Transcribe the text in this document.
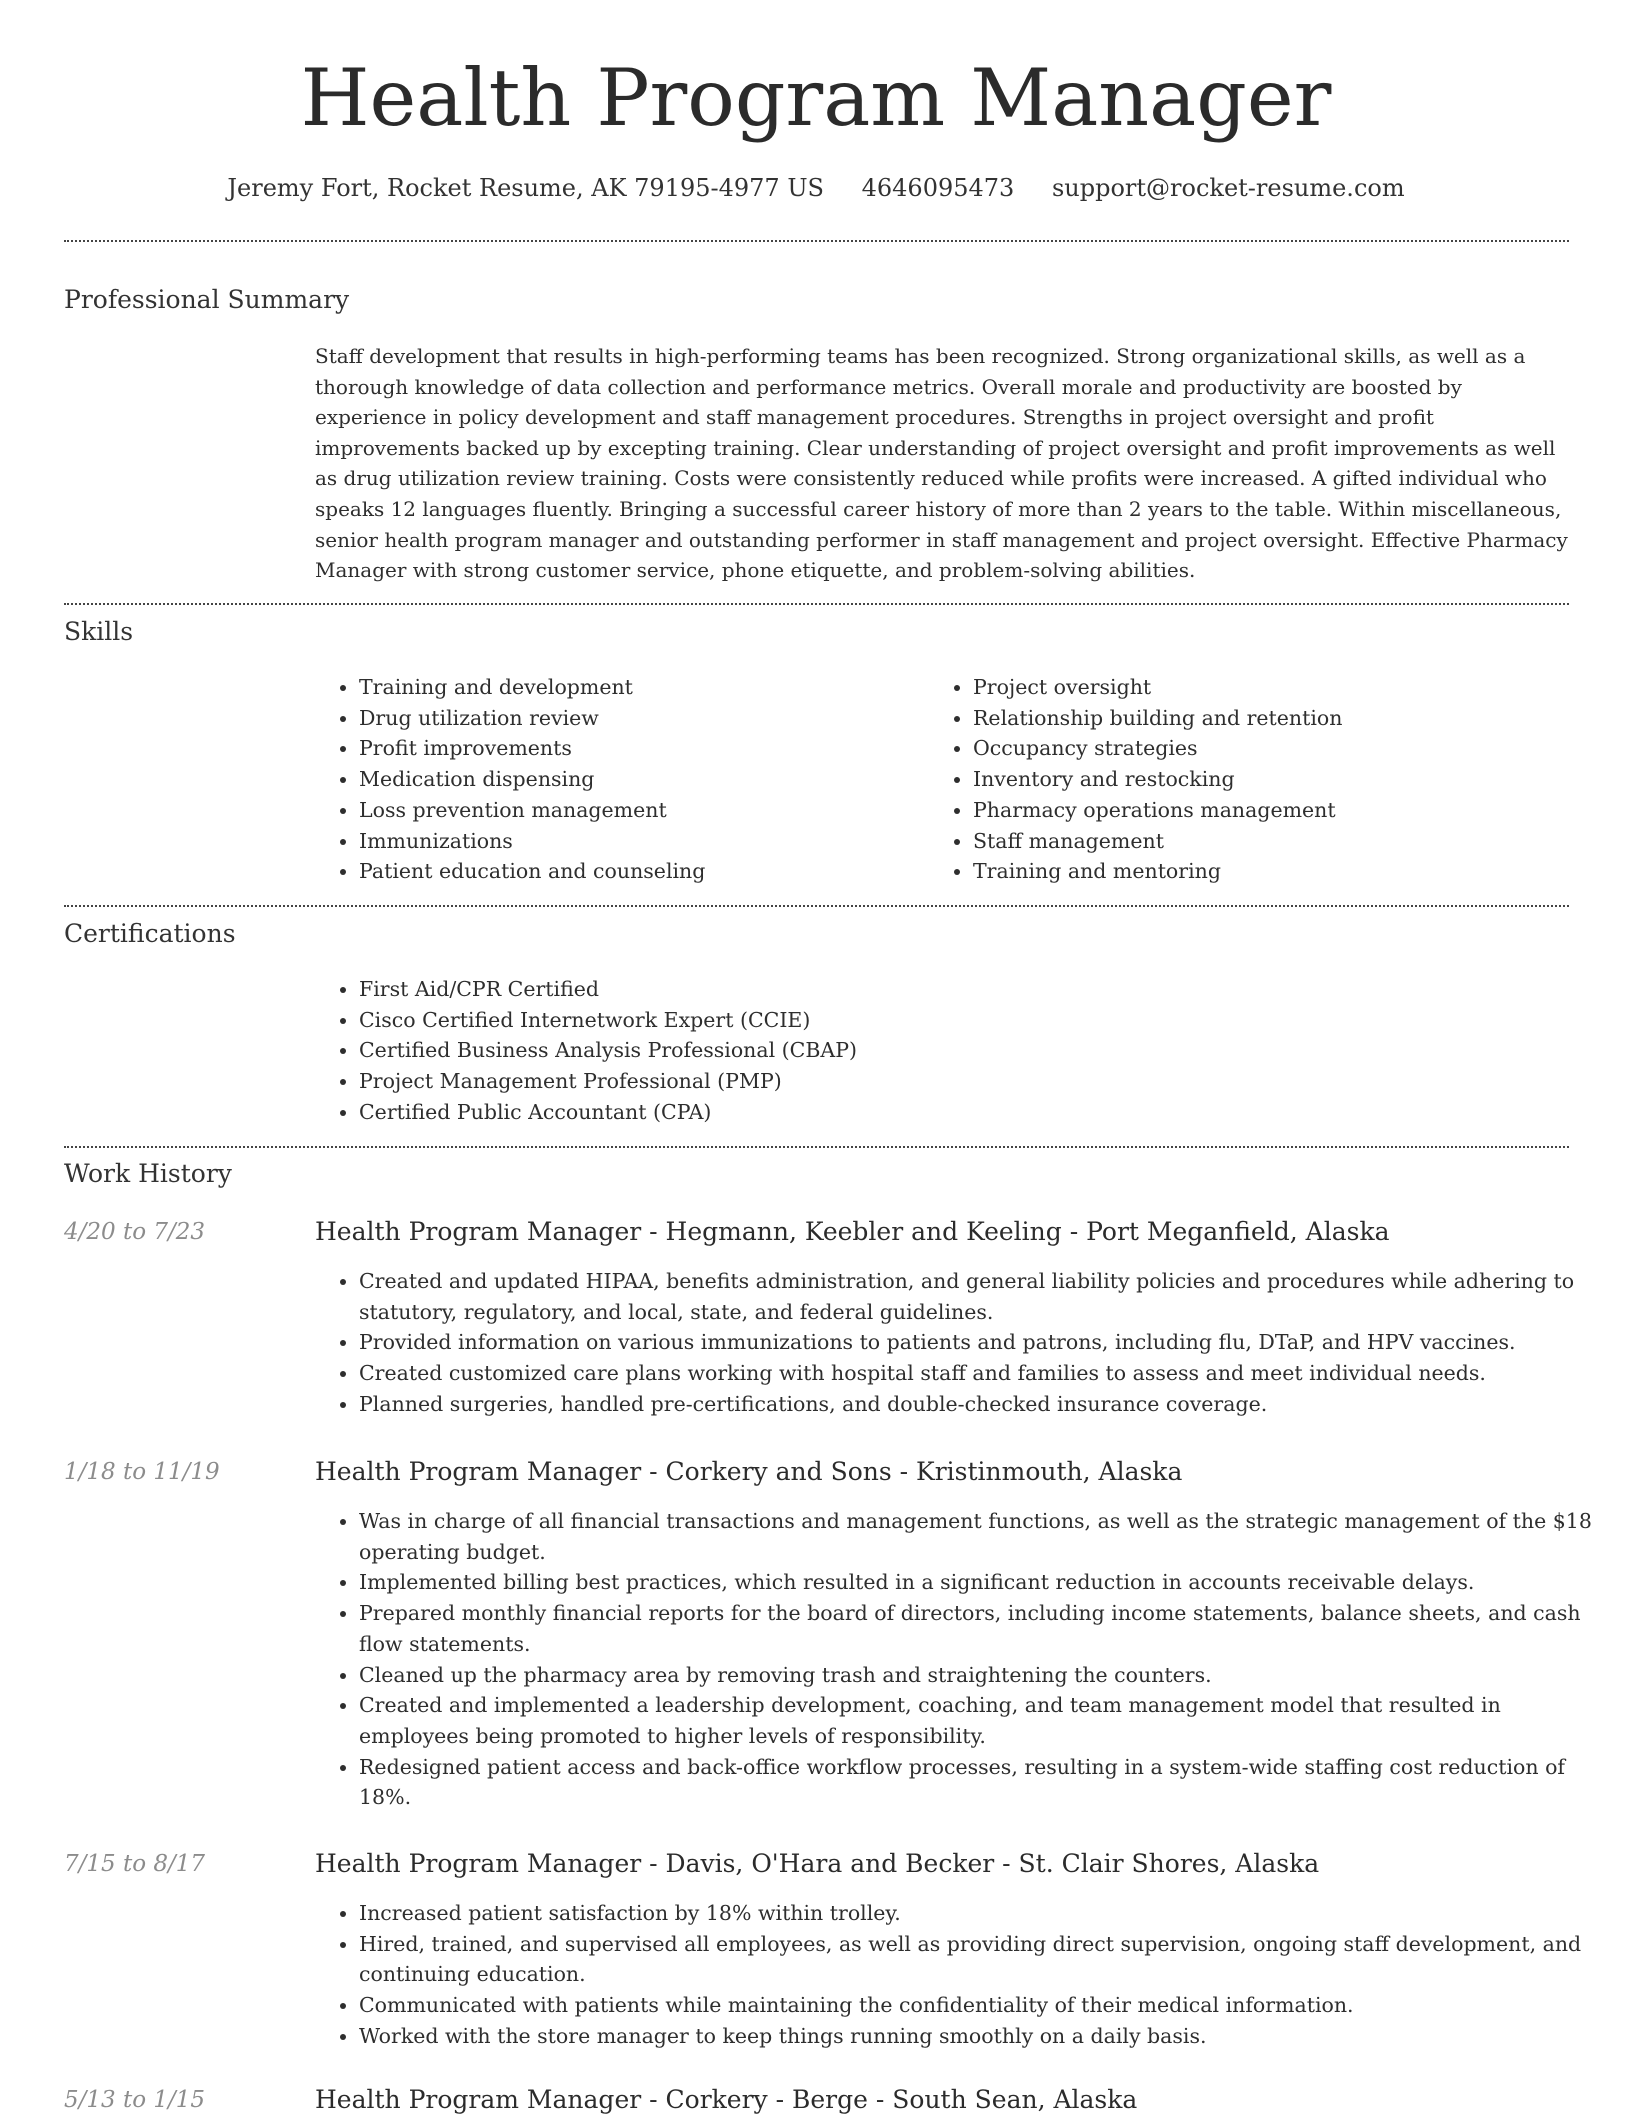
Health Program Manager
Jeremy Fort, Rocket Resume, AK 79195-4977 US 4646095473 support@rocket-resume.com
Professional Summary

Staff development that results in high-performing teams has been recognized. Strong organizational skills, as well as a thorough knowledge of data collection and performance metrics. Overall morale and productivity are boosted by experience in policy development and staff management procedures. Strengths in project oversight and profit improvements backed up by excepting training. Clear understanding of project oversight and profit improvements as well as drug utilization review training. Costs were consistently reduced while profits were increased. A gifted individual who speaks 12 languages fluently. Bringing a successful career history of more than 2 years to the table. Within miscellaneous, senior health program manager and outstanding performer in staff management and project oversight. Effective Pharmacy Manager with strong customer service, phone etiquette, and problem-solving abilities.

Skills
• Training and development
• Drug utilization review
• Profit improvements
• Medication dispensing
• Loss prevention management
• Immunizations
• Patient education and counseling
• Project oversight
• Relationship building and retention
• Occupancy strategies
• Inventory and restocking
• Pharmacy operations management
• Staff management
• Training and mentoring
Certifications
• First Aid/CPR Certified
• Cisco Certified Internetwork Expert (CCIE)
• Certified Business Analysis Professional (CBAP)
• Project Management Professional (PMP)
• Certified Public Accountant (CPA)
Work History
4/20 to 7/23	Health Program Manager - Hegmann, Keebler and Keeling - Port Meganfield, Alaska
• Created and updated HIPAA, benefits administration, and general liability policies and procedures while adhering to statutory, regulatory, and local, state, and federal guidelines.
• Provided information on various immunizations to patients and patrons, including flu, DTaP, and HPV vaccines.
• Created customized care plans working with hospital staff and families to assess and meet individual needs.
• Planned surgeries, handled pre-certifications, and double-checked insurance coverage.
1/18 to 11/19	Health Program Manager - Corkery and Sons - Kristinmouth, Alaska
• Was in charge of all financial transactions and management functions, as well as the strategic management of the $18 operating budget.
• Implemented billing best practices, which resulted in a significant reduction in accounts receivable delays.
• Prepared monthly financial reports for the board of directors, including income statements, balance sheets, and cash flow statements.
• Cleaned up the pharmacy area by removing trash and straightening the counters.
• Created and implemented a leadership development, coaching, and team management model that resulted in employees being promoted to higher levels of responsibility.
• Redesigned patient access and back-office workflow processes, resulting in a system-wide staffing cost reduction of 18%.
7/15 to 8/17	Health Program Manager - Davis, O'Hara and Becker - St. Clair Shores, Alaska
• Increased patient satisfaction by 18% within trolley.
• Hired, trained, and supervised all employees, as well as providing direct supervision, ongoing staff development, and continuing education.
• Communicated with patients while maintaining the confidentiality of their medical information.
• Worked with the store manager to keep things running smoothly on a daily basis.
5/13 to 1/15	Health Program Manager - Corkery - Berge - South Sean, Alaska
